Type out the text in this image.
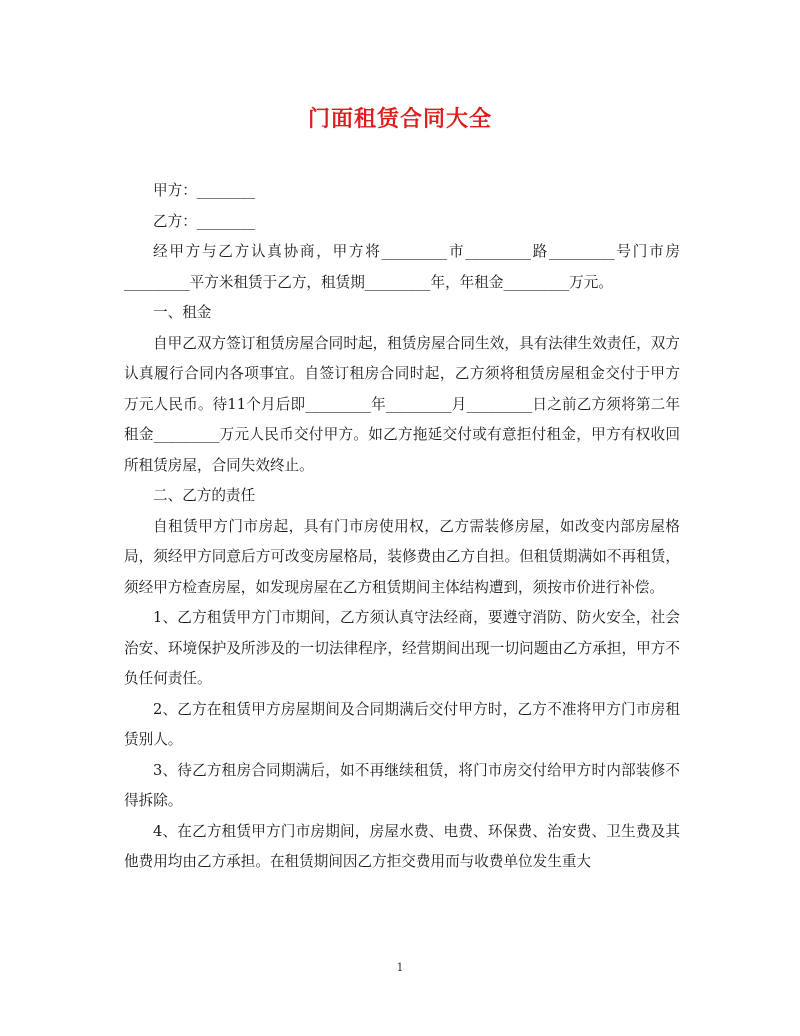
门面租赁合同大全

甲方：________

乙方：________

经甲方与乙方认真协商，甲方将_________市_________路_________号门市房_________平方米租赁于乙方，租赁期_________年，年租金_________万元。

一、租金

自甲乙双方签订租赁房屋合同时起，租赁房屋合同生效，具有法律生效责任，双方认真履行合同内各项事宜。自签订租房合同时起，乙方须将租赁房屋租金交付于甲方 万元人民币。待11个月后即_________年_________月_________日之前乙方须将第二年租金_________万元人民币交付甲方。如乙方拖延交付或有意拒付租金，甲方有权收回所租赁房屋，合同失效终止。

二、乙方的责任

自租赁甲方门市房起，具有门市房使用权，乙方需装修房屋，如改变内部房屋格局，须经甲方同意后方可改变房屋格局，装修费由乙方自担。但租赁期满如不再租赁，须经甲方检查房屋，如发现房屋在乙方租赁期间主体结构遭到，须按市价进行补偿。

1、乙方租赁甲方门市期间，乙方须认真守法经商，要遵守消防、防火安全，社会治安、环境保护及所涉及的一切法律程序，经营期间出现一切问题由乙方承担，甲方不负任何责任。

2、乙方在租赁甲方房屋期间及合同期满后交付甲方时，乙方不准将甲方门市房租赁别人。

3、待乙方租房合同期满后，如不再继续租赁，将门市房交付给甲方时内部装修不得拆除。

4、在乙方租赁甲方门市房期间，房屋水费、电费、环保费、治安费、卫生费及其他费用均由乙方承担。在租赁期间因乙方拒交费用而与收费单位发生重大

1
